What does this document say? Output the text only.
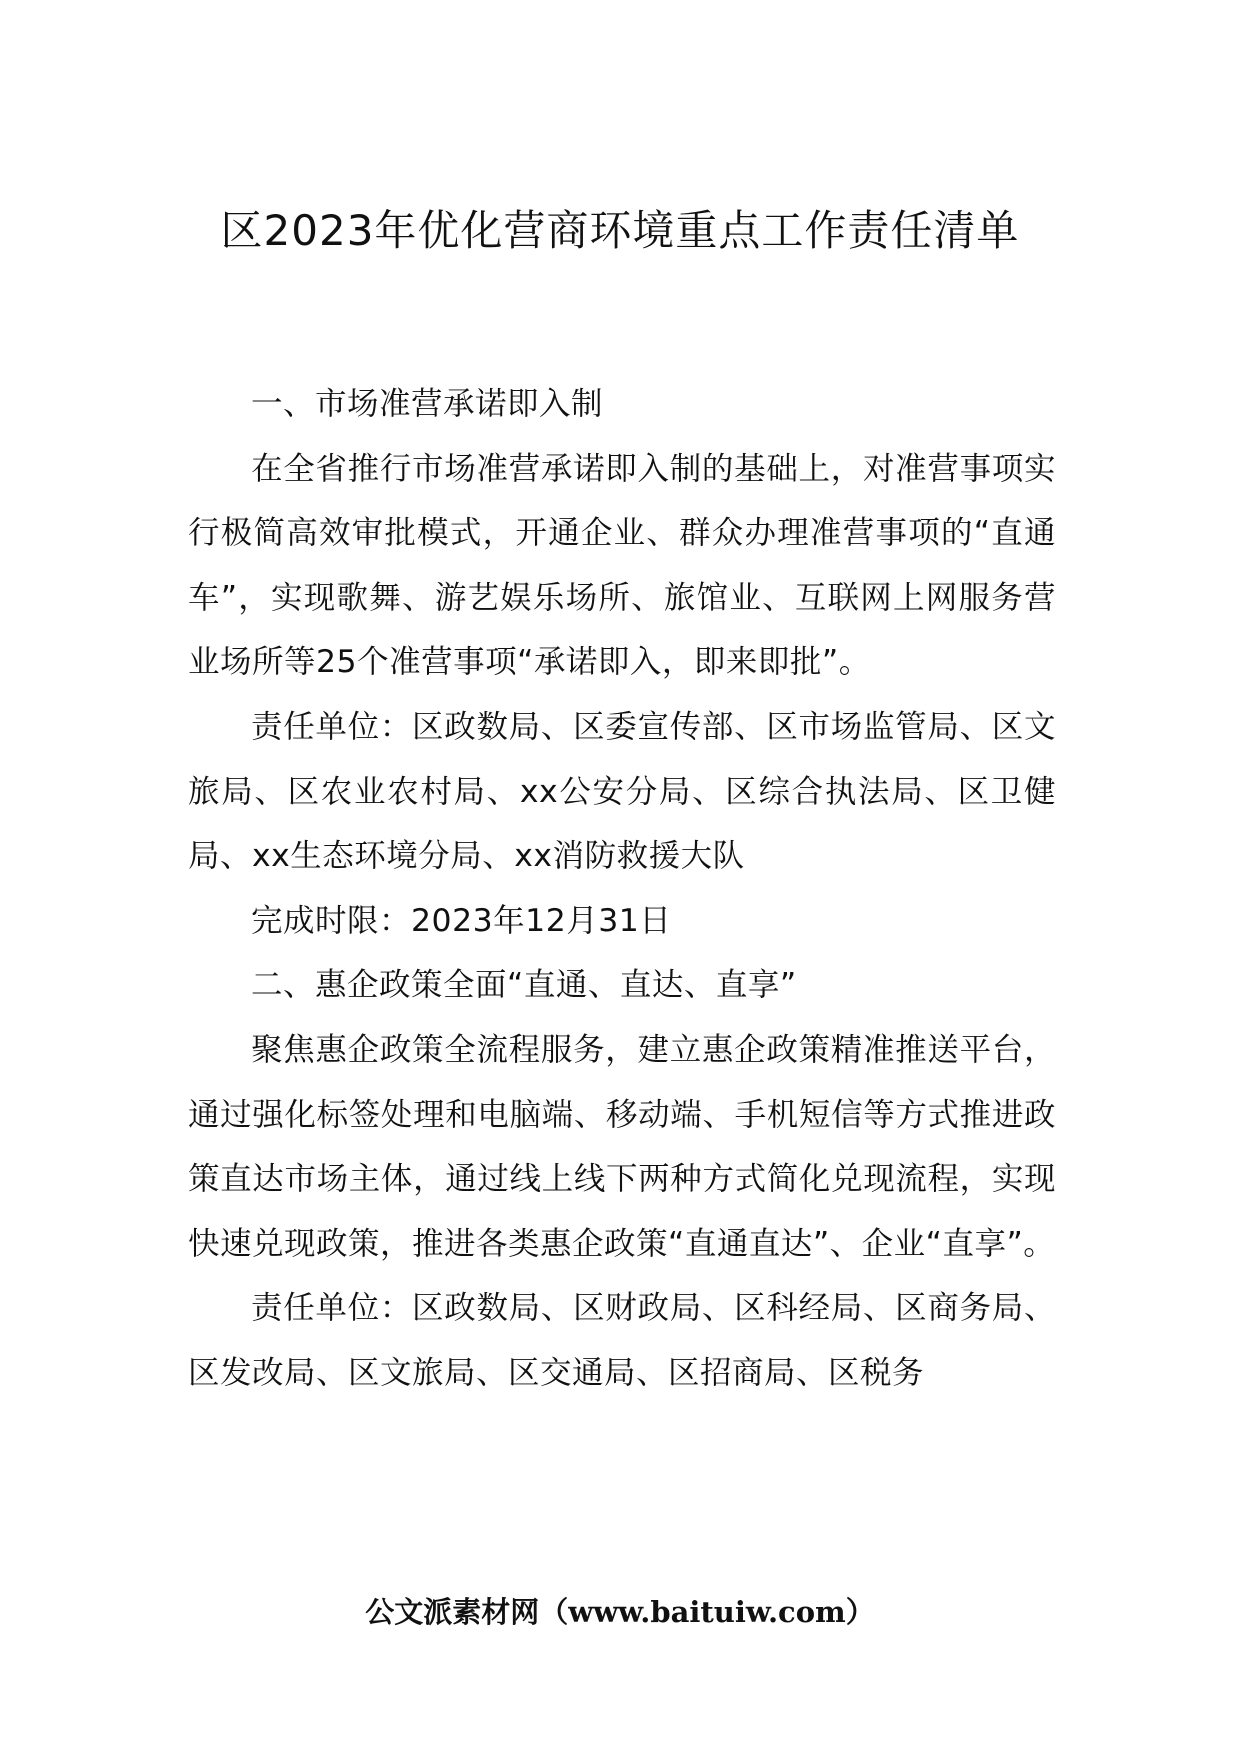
区2023年优化营商环境重点工作责任清单

一、市场准营承诺即入制

在全省推行市场准营承诺即入制的基础上，对准营事项实行极简高效审批模式，开通企业、群众办理准营事项的“直通车”，实现歌舞、游艺娱乐场所、旅馆业、互联网上网服务营业场所等25个准营事项“承诺即入，即来即批”。

责任单位：区政数局、区委宣传部、区市场监管局、区文旅局、区农业农村局、xx公安分局、区综合执法局、区卫健局、xx生态环境分局、xx消防救援大队

完成时限：2023年12月31日

二、惠企政策全面“直通、直达、直享”

聚焦惠企政策全流程服务，建立惠企政策精准推送平台，通过强化标签处理和电脑端、移动端、手机短信等方式推进政策直达市场主体，通过线上线下两种方式简化兑现流程，实现快速兑现政策，推进各类惠企政策“直通直达”、企业“直享”。

责任单位：区政数局、区财政局、区科经局、区商务局、区发改局、区文旅局、区交通局、区招商局、区税务

公文派素材网（www.baituiw.com）
